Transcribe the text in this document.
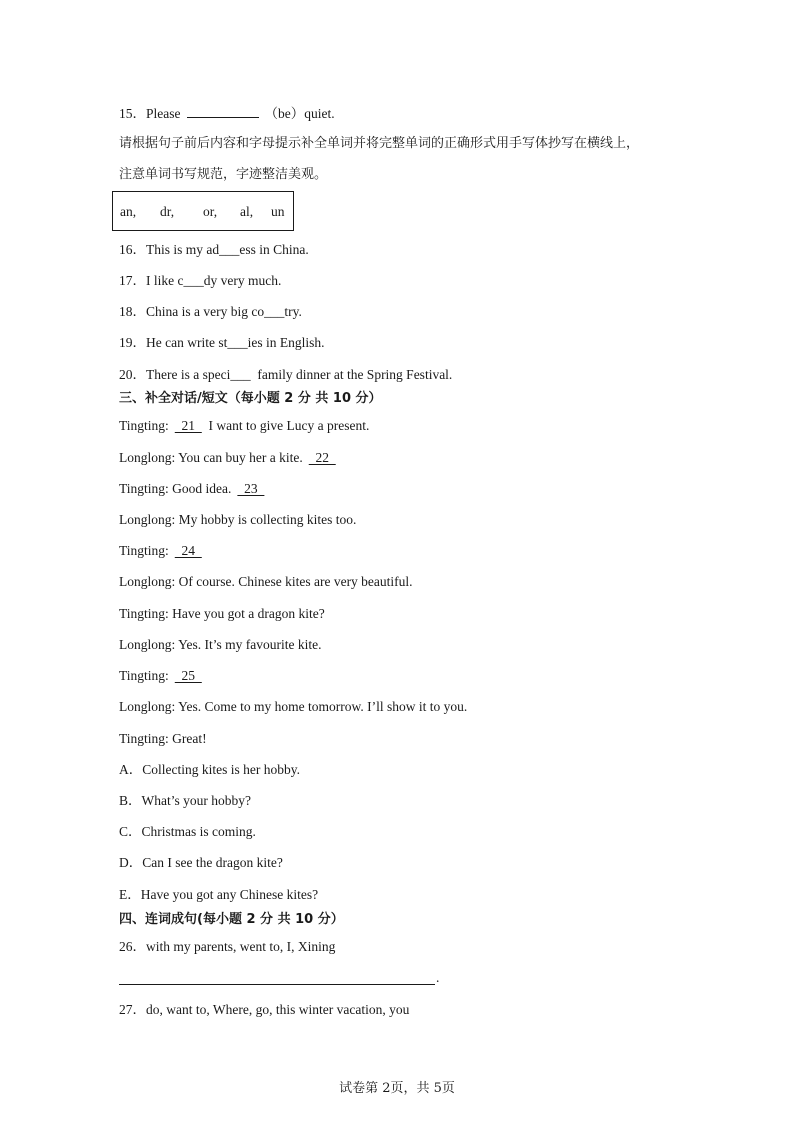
15．Please	（be）quiet.
请根据句子前后内容和字母提示补全单词并将完整单词的正确形式用手写体抄写在横线上，
注意单词书写规范，字迹整洁美观。
an, dr, or, al, un
16．This is my ad___ess in China.
17．I like c___dy very much.
18．China is a very big co___try.
19．He can write st___ies in English.
20．There is a speci___  family dinner at the Spring Festival.
三、补全对话/短文（每小题 2 分 共 10 分）
Tingting:  21    I want to give Lucy a present.
Longlong: You can buy her a kite.  22
Tingting: Good idea.  23
Longlong: My hobby is collecting kites too.
Tingting:  24
Longlong: Of course. Chinese kites are very beautiful.
Tingting: Have you got a dragon kite?
Longlong: Yes. It’s my favourite kite.
Tingting:  25
Longlong: Yes. Come to my home tomorrow. I’ll show it to you.
Tingting: Great!
A．Collecting kites is her hobby.
B．What’s your hobby?
C．Christmas is coming.
D．Can I see the dragon kite?
E．Have you got any Chinese kites?
四、连词成句(每小题 2 分 共 10 分）
26．with my parents, went to, I, Xining
.
27．do, want to, Where, go, this winter vacation, you
试卷第 2页，共 5页
